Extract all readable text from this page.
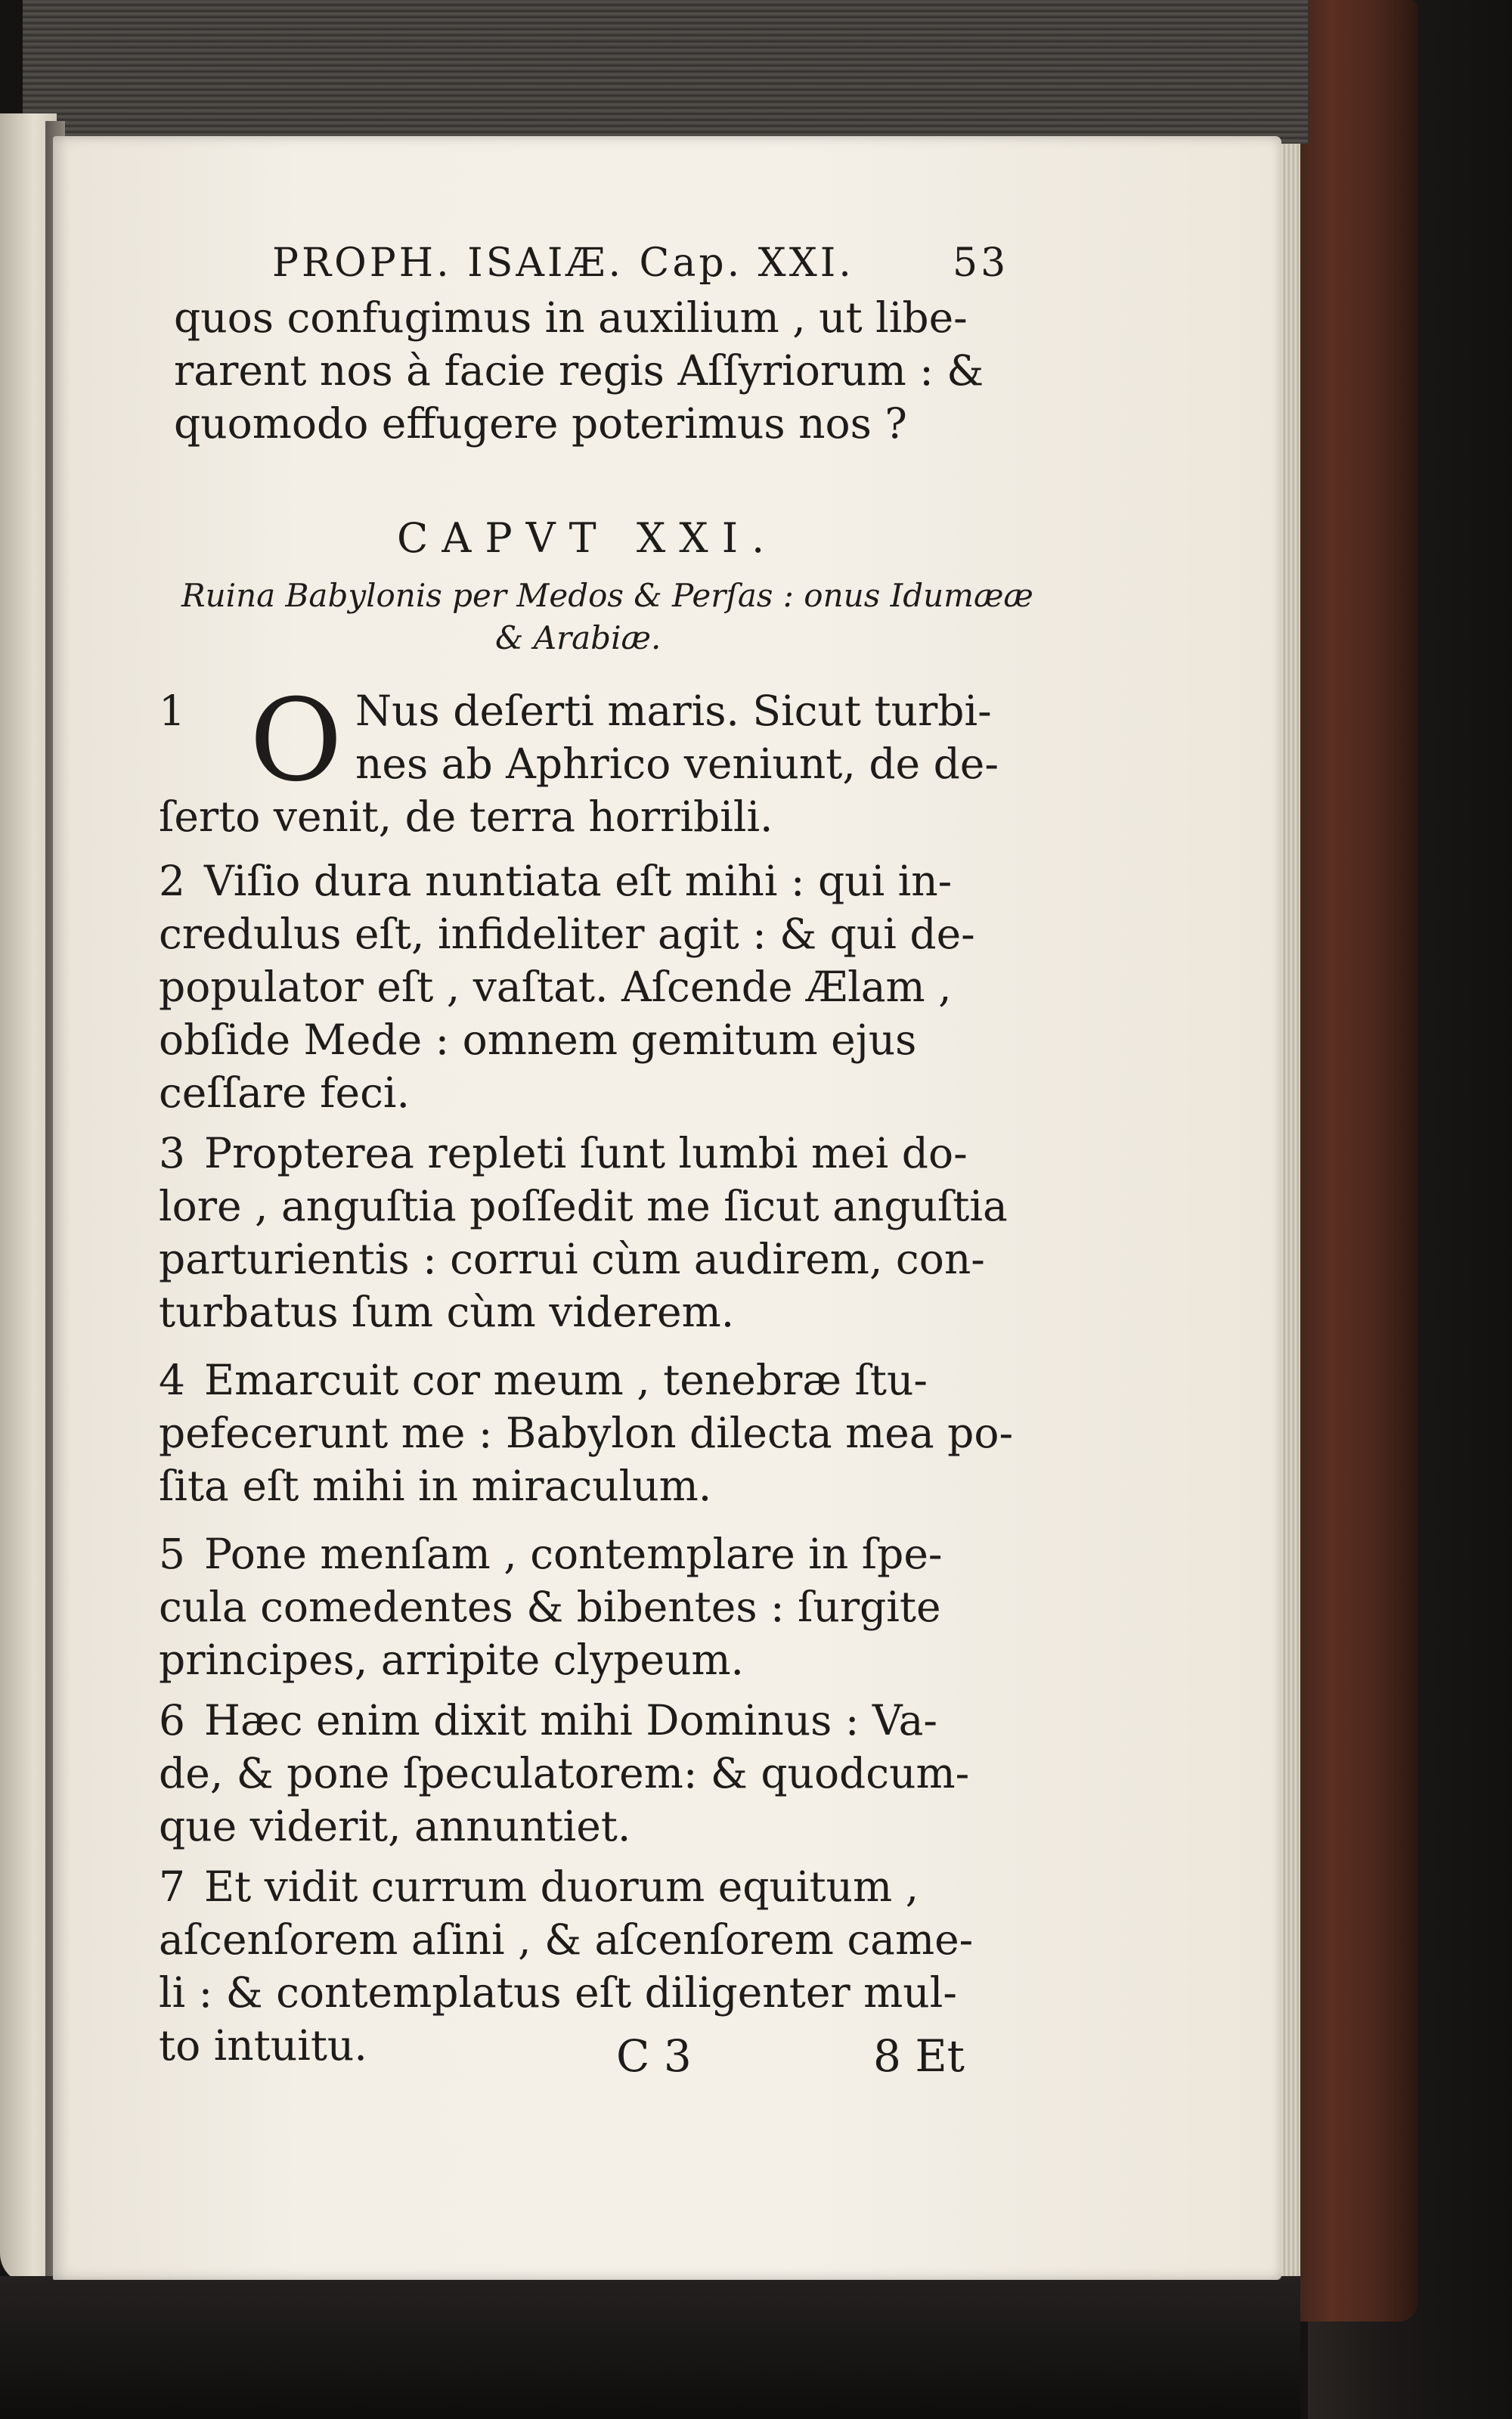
PROPH. ISAIÆ. Cap. XXI.	53
quos confugimus in auxilium , ut libe-
rarent nos à facie regis Aſſyriorum : &
quomodo effugere poterimus nos ?
CAPVT XXI.
Ruina Babylonis per Medos & Perſas : onus Idumææ
& Arabiæ.
O
1	Nus deſerti maris. Sicut turbi-
nes ab Aphrico veniunt, de de-
ſerto venit, de terra horribili.
2 Viſio dura nuntiata eſt mihi : qui in-
credulus eſt, infideliter agit : & qui de-
populator eſt , vaſtat. Aſcende Ælam ,
obſide Mede : omnem gemitum ejus
ceſſare feci.
3 Propterea repleti ſunt lumbi mei do-
lore , anguſtia poſſedit me ſicut anguſtia
parturientis : corrui cùm audirem, con-
turbatus ſum cùm viderem.
4 Emarcuit cor meum , tenebræ ſtu-
pefecerunt me : Babylon dilecta mea po-
ſita eſt mihi in miraculum.
5 Pone menſam , contemplare in ſpe-
cula comedentes & bibentes : ſurgite
principes, arripite clypeum.
6 Hæc enim dixit mihi Dominus : Va-
de, & pone ſpeculatorem: & quodcum-
que viderit, annuntiet.
7 Et vidit currum duorum equitum ,
aſcenſorem aſini , & aſcenſorem came-
li : & contemplatus eſt diligenter mul-
to intuitu.	C 3	8 Et
